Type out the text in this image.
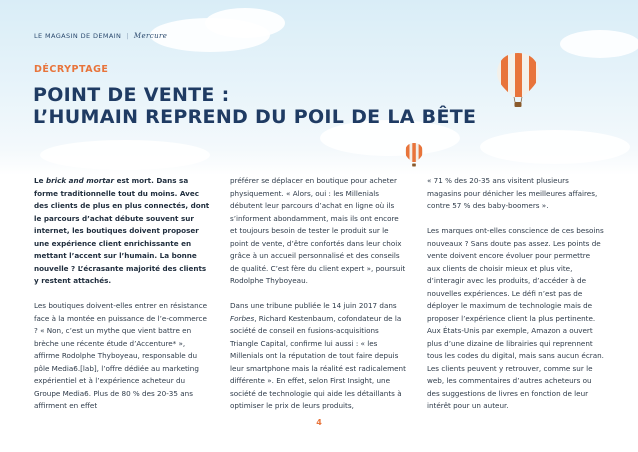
LE MAGASIN DE DEMAIN | Mercure
DÉCRYPTAGE
POINT DE VENTE :
L’HUMAIN REPREND DU POIL DE LA BÊTE

Le brick and mortar est mort. Dans sa forme traditionnelle tout du moins. Avec des clients de plus en plus connectés, dont le parcours d’achat débute souvent sur internet, les boutiques doivent proposer une expérience client enrichissante en mettant l’accent sur l’humain. La bonne nouvelle ? L’écrasante majorité des clients y restent attachés.

Les boutiques doivent-elles entrer en résistance face à la montée en puissance de l’e-commerce ? « Non, c’est un mythe que vient battre en brèche une récente étude d’Accenture* », affirme Rodolphe Thyboyeau, responsable du pôle Media6.[lab], l’offre dédiée au marketing expérientiel et à l’expérience acheteur du Groupe Media6. Plus de 80 % des 20-35 ans affirment en effet

préférer se déplacer en boutique pour acheter physiquement. « Alors, oui : les Millenials débutent leur parcours d’achat en ligne où ils s’informent abondamment, mais ils ont encore et toujours besoin de tester le produit sur le point de vente, d’être confortés dans leur choix grâce à un accueil personnalisé et des conseils de qualité. C’est fère du client expert », poursuit Rodolphe Thyboyeau.

Dans une tribune publiée le 14 juin 2017 dans Forbes, Richard Kestenbaum, cofondateur de la société de conseil en fusions-acquisitions Triangle Capital, confirme lui aussi : « les Millenials ont la réputation de tout faire depuis leur smartphone mais la réalité est radicalement différente ». En effet, selon First Insight, une société de technologie qui aide les détaillants à optimiser le prix de leurs produits,

« 71 % des 20-35 ans visitent plusieurs magasins pour dénicher les meilleures affaires, contre 57 % des baby-boomers ».

Les marques ont-elles conscience de ces besoins nouveaux ? Sans doute pas assez. Les points de vente doivent encore évoluer pour permettre aux clients de choisir mieux et plus vite, d’interagir avec les produits, d’accéder à de nouvelles expériences. Le défi n’est pas de déployer le maximum de technologie mais de proposer l’expérience client la plus pertinente. Aux États-Unis par exemple, Amazon a ouvert plus d’une dizaine de librairies qui reprennent tous les codes du digital, mais sans aucun écran. Les clients peuvent y retrouver, comme sur le web, les commentaires d’autres acheteurs ou des suggestions de livres en fonction de leur intérêt pour un auteur.

4
